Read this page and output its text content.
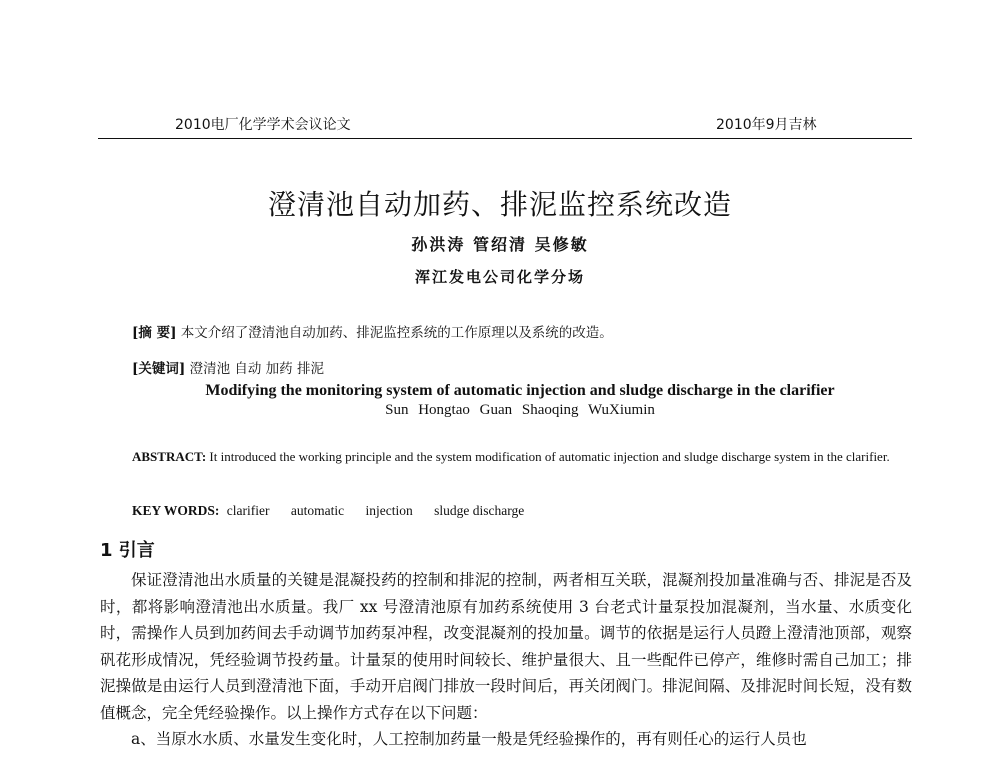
2010电厂化学学术会议论文	2010年9月吉林
澄清池自动加药、排泥监控系统改造
孙洪涛 管绍清 吴修敏
浑江发电公司化学分场
[摘 要] 本文介绍了澄清池自动加药、排泥监控系统的工作原理以及系统的改造。
[关键词] 澄清池 自动 加药 排泥
Modifying the monitoring system of automatic injection and sludge discharge in the clarifier
Sun Hongtao Guan Shaoqing WuXiumin
ABSTRACT: It introduced the working principle and the system modification of automatic injection and sludge discharge system in the clarifier.
KEY WORDS: clarifier automatic injection sludge discharge
1 引言

保证澄清池出水质量的关键是混凝投药的控制和排泥的控制，两者相互关联，混凝剂投加量准确与否、排泥是否及时，都将影响澄清池出水质量。我厂 xx 号澄清池原有加药系统使用 3 台老式计量泵投加混凝剂，当水量、水质变化时，需操作人员到加药间去手动调节加药泵冲程，改变混凝剂的投加量。调节的依据是运行人员蹬上澄清池顶部，观察矾花形成情况，凭经验调节投药量。计量泵的使用时间较长、维护量很大、且一些配件已停产，维修时需自己加工；排泥操做是由运行人员到澄清池下面，手动开启阀门排放一段时间后，再关闭阀门。排泥间隔、及排泥时间长短，没有数值概念，完全凭经验操作。以上操作方式存在以下问题：

a、当原水水质、水量发生变化时，人工控制加药量一般是凭经验操作的，再有则任心的运行人员也
